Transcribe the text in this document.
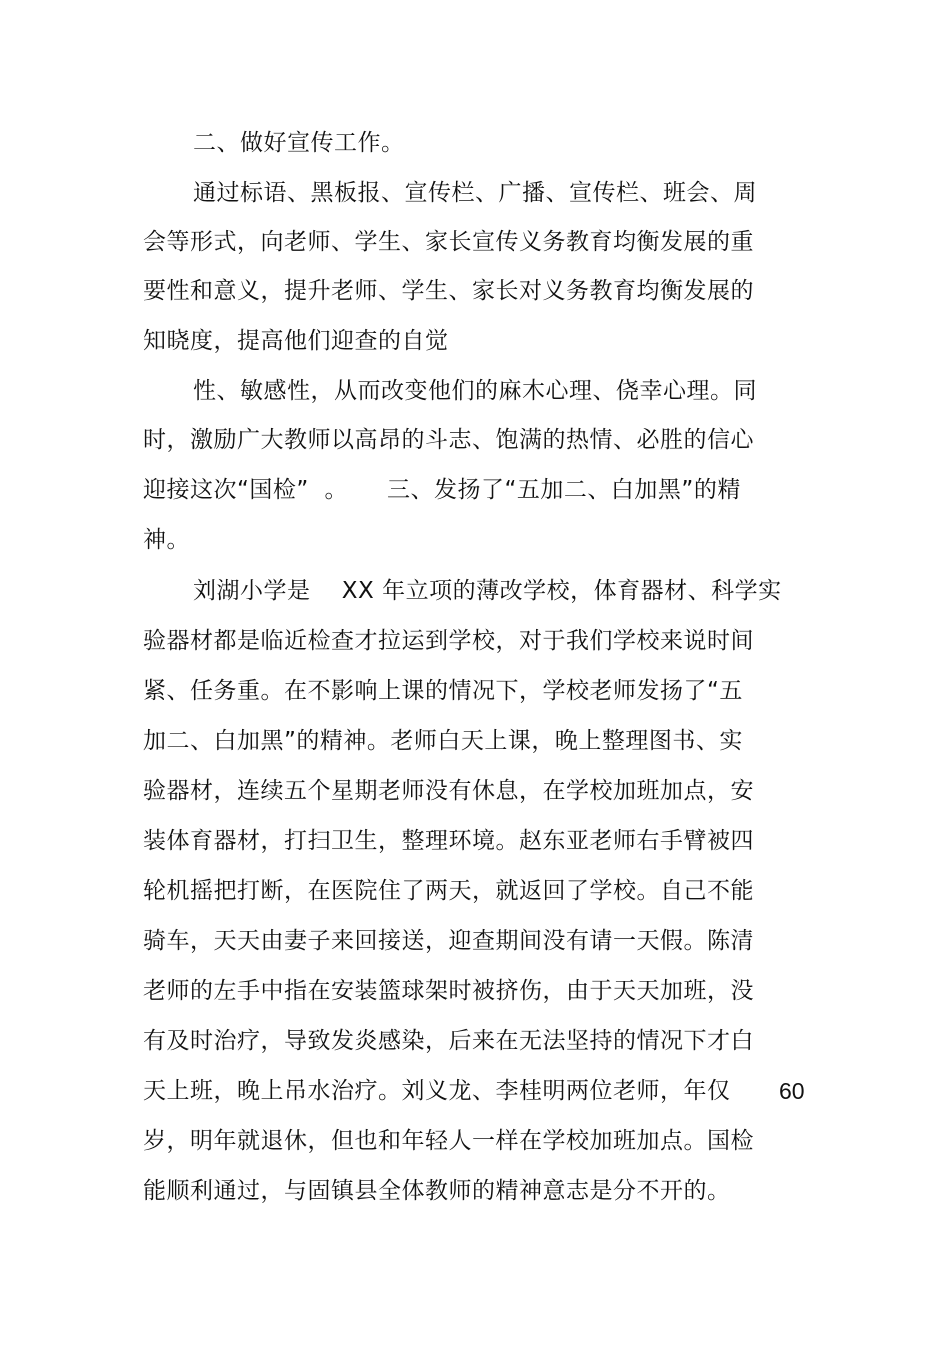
二、做好宣传工作。
通过标语、黑板报、宣传栏、广播、宣传栏、班会、周
会等形式，向老师、学生、家长宣传义务教育均衡发展的重
要性和意义，提升老师、学生、家长对义务教育均衡发展的
知晓度，提高他们迎查的自觉
性、敏感性，从而改变他们的麻木心理、侥幸心理。同
时，激励广大教师以高昂的斗志、饱满的热情、必胜的信心
迎接这次“国检”  。     三、发扬了“五加二、白加黑”的精
神。
刘湖小学是    XX 年立项的薄改学校，体育器材、科学实
验器材都是临近检查才拉运到学校，对于我们学校来说时间
紧、任务重。在不影响上课的情况下，学校老师发扬了“五
加二、白加黑”的精神。老师白天上课，晚上整理图书、实
验器材，连续五个星期老师没有休息，在学校加班加点，安
装体育器材，打扫卫生，整理环境。赵东亚老师右手臂被四
轮机摇把打断，在医院住了两天，就返回了学校。自己不能
骑车，天天由妻子来回接送，迎查期间没有请一天假。陈清
老师的左手中指在安装篮球架时被挤伤，由于天天加班，没
有及时治疗，导致发炎感染，后来在无法坚持的情况下才白
天上班，晚上吊水治疗。刘义龙、李桂明两位老师，年仅 60
岁，明年就退休，但也和年轻人一样在学校加班加点。国检
能顺利通过，与固镇县全体教师的精神意志是分不开的。
